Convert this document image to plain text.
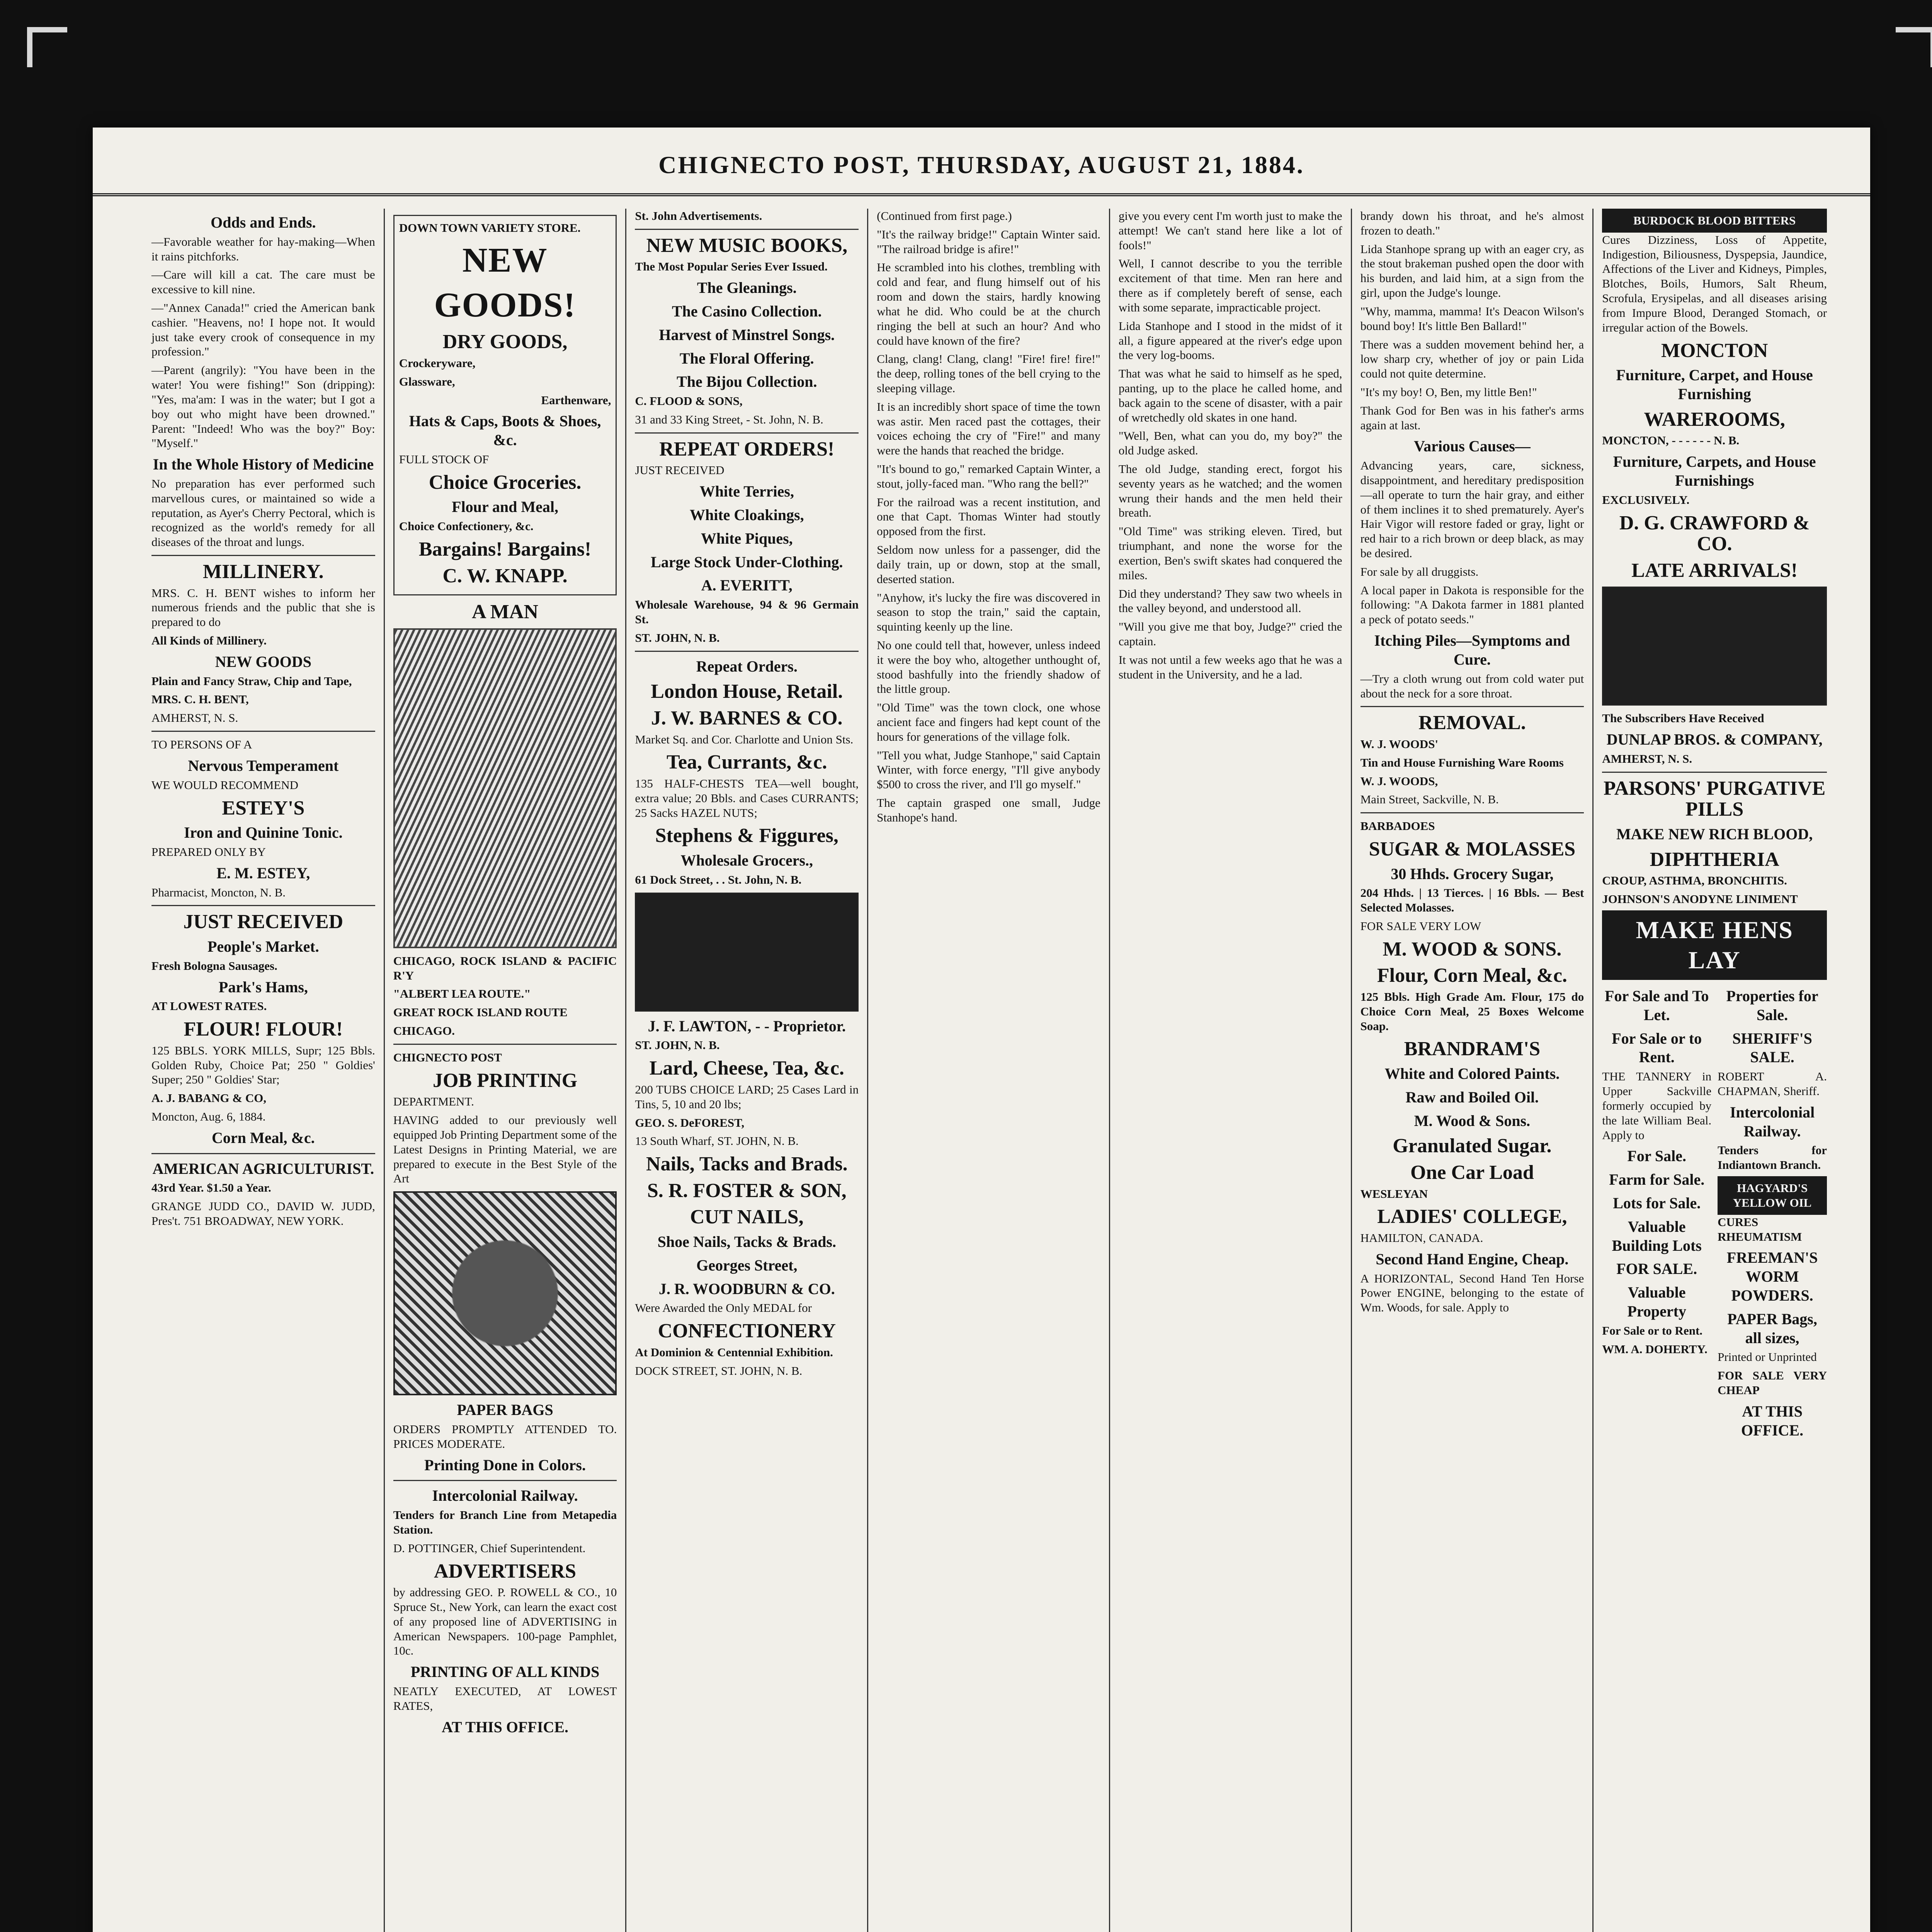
CHIGNECTO POST, THURSDAY, AUGUST 21, 1884.
Odds and Ends.

—Favorable weather for hay-making—When it rains pitchforks.

—Care will kill a cat. The care must be excessive to kill nine.

—"Annex Canada!" cried the American bank cashier. "Heavens, no! I hope not. It would just take every crook of consequence in my profession."

—Parent (angrily): "You have been in the water! You were fishing!" Son (dripping): "Yes, ma'am: I was in the water; but I got a boy out who might have been drowned." Parent: "Indeed! Who was the boy?" Boy: "Myself."

In the Whole History of Medicine

No preparation has ever performed such marvellous cures, or maintained so wide a reputation, as Ayer's Cherry Pectoral, which is recognized as the world's remedy for all diseases of the throat and lungs.

MILLINERY.

MRS. C. H. BENT wishes to inform her numerous friends and the public that she is prepared to do

All Kinds of Millinery.

NEW GOODS

Plain and Fancy Straw, Chip and Tape,

MRS. C. H. BENT,

AMHERST, N. S.

TO PERSONS OF A

Nervous Temperament

WE WOULD RECOMMEND

ESTEY'S
Iron and Quinine Tonic.

PREPARED ONLY BY

E. M. ESTEY,

Pharmacist, Moncton, N. B.

JUST RECEIVED
People's Market.

Fresh Bologna Sausages.

Park's Hams,

AT LOWEST RATES.

FLOUR! FLOUR!

125 BBLS. YORK MILLS, Supr; 125 Bbls. Golden Ruby, Choice Pat; 250 " Goldies' Super; 250 " Goldies' Star;

A. J. BABANG & CO,

Moncton, Aug. 6, 1884.

Corn Meal, &c.
AMERICAN AGRICULTURIST.

43rd Year. $1.50 a Year.

GRANGE JUDD CO., DAVID W. JUDD, Pres't. 751 BROADWAY, NEW YORK.

DOWN TOWN VARIETY STORE.

NEW
GOODS!
DRY GOODS,

Crockeryware,

Glassware,

Earthenware,

Hats & Caps, Boots & Shoes, &c.

FULL STOCK OF

Choice Groceries.
Flour and Meal,

Choice Confectionery, &c.

Bargains! Bargains!
C. W. KNAPP.
A MAN

CHICAGO, ROCK ISLAND & PACIFIC R'Y

"ALBERT LEA ROUTE."

GREAT ROCK ISLAND ROUTE

CHICAGO.

CHIGNECTO POST

JOB PRINTING

DEPARTMENT.

HAVING added to our previously well equipped Job Printing Department some of the Latest Designs in Printing Material, we are prepared to execute in the Best Style of the Art

PAPER BAGS

ORDERS PROMPTLY ATTENDED TO. PRICES MODERATE.

Printing Done in Colors.
Intercolonial Railway.

Tenders for Branch Line from Metapedia Station.

D. POTTINGER, Chief Superintendent.

ADVERTISERS

by addressing GEO. P. ROWELL & CO., 10 Spruce St., New York, can learn the exact cost of any proposed line of ADVERTISING in American Newspapers. 100-page Pamphlet, 10c.

PRINTING OF ALL KINDS

NEATLY EXECUTED, AT LOWEST RATES,

AT THIS OFFICE.

St. John Advertisements.

NEW MUSIC BOOKS,

The Most Popular Series Ever Issued.

The Gleanings.
The Casino Collection.
Harvest of Minstrel Songs.
The Floral Offering.
The Bijou Collection.

C. FLOOD & SONS,

31 and 33 King Street, - St. John, N. B.

REPEAT ORDERS!

JUST RECEIVED

White Terries,
White Cloakings,
White Piques,
Large Stock Under-Clothing.
A. EVERITT,

Wholesale Warehouse, 94 & 96 Germain St.

ST. JOHN, N. B.

Repeat Orders.
London House, Retail.
J. W. BARNES & CO.

Market Sq. and Cor. Charlotte and Union Sts.

Tea, Currants, &c.

135 HALF-CHESTS TEA—well bought, extra value; 20 Bbls. and Cases CURRANTS; 25 Sacks HAZEL NUTS;

Stephens & Figgures,
Wholesale Grocers.,

61 Dock Street, . . St. John, N. B.

J. F. LAWTON, - - Proprietor.

ST. JOHN, N. B.

Lard, Cheese, Tea, &c.

200 TUBS CHOICE LARD; 25 Cases Lard in Tins, 5, 10 and 20 lbs;

GEO. S. DeFOREST,

13 South Wharf, ST. JOHN, N. B.

Nails, Tacks and Brads.
S. R. FOSTER & SON,
CUT NAILS,
Shoe Nails, Tacks & Brads.
Georges Street,
J. R. WOODBURN & CO.

Were Awarded the Only MEDAL for

CONFECTIONERY

At Dominion & Centennial Exhibition.

DOCK STREET, ST. JOHN, N. B.

(Continued from first page.)

"It's the railway bridge!" Captain Winter said. "The railroad bridge is afire!"

He scrambled into his clothes, trembling with cold and fear, and flung himself out of his room and down the stairs, hardly knowing what he did. Who could be at the church ringing the bell at such an hour? And who could have known of the fire?

Clang, clang! Clang, clang! "Fire! fire! fire!" the deep, rolling tones of the bell crying to the sleeping village.

It is an incredibly short space of time the town was astir. Men raced past the cottages, their voices echoing the cry of "Fire!" and many were the hands that reached the bridge.

"It's bound to go," remarked Captain Winter, a stout, jolly-faced man. "Who rang the bell?"

For the railroad was a recent institution, and one that Capt. Thomas Winter had stoutly opposed from the first.

Seldom now unless for a passenger, did the daily train, up or down, stop at the small, deserted station.

"Anyhow, it's lucky the fire was discovered in season to stop the train," said the captain, squinting keenly up the line.

No one could tell that, however, unless indeed it were the boy who, altogether unthought of, stood bashfully into the friendly shadow of the little group.

"Old Time" was the town clock, one whose ancient face and fingers had kept count of the hours for generations of the village folk.

"Tell you what, Judge Stanhope," said Captain Winter, with force energy, "I'll give anybody $500 to cross the river, and I'll go myself."

The captain grasped one small, Judge Stanhope's hand.

give you every cent I'm worth just to make the attempt! We can't stand here like a lot of fools!"

Well, I cannot describe to you the terrible excitement of that time. Men ran here and there as if completely bereft of sense, each with some separate, impracticable project.

Lida Stanhope and I stood in the midst of it all, a figure appeared at the river's edge upon the very log-booms.

That was what he said to himself as he sped, panting, up to the place he called home, and back again to the scene of disaster, with a pair of wretchedly old skates in one hand.

"Well, Ben, what can you do, my boy?" the old Judge asked.

The old Judge, standing erect, forgot his seventy years as he watched; and the women wrung their hands and the men held their breath.

"Old Time" was striking eleven. Tired, but triumphant, and none the worse for the exertion, Ben's swift skates had conquered the miles.

Did they understand? They saw two wheels in the valley beyond, and understood all.

"Will you give me that boy, Judge?" cried the captain.

It was not until a few weeks ago that he was a student in the University, and he a lad.

brandy down his throat, and he's almost frozen to death."

Lida Stanhope sprang up with an eager cry, as the stout brakeman pushed open the door with his burden, and laid him, at a sign from the girl, upon the Judge's lounge.

"Why, mamma, mamma! It's Deacon Wilson's bound boy! It's little Ben Ballard!"

There was a sudden movement behind her, a low sharp cry, whether of joy or pain Lida could not quite determine.

"It's my boy! O, Ben, my little Ben!"

Thank God for Ben was in his father's arms again at last.

Various Causes—

Advancing years, care, sickness, disappointment, and hereditary predisposition—all operate to turn the hair gray, and either of them inclines it to shed prematurely. Ayer's Hair Vigor will restore faded or gray, light or red hair to a rich brown or deep black, as may be desired.

For sale by all druggists.

A local paper in Dakota is responsible for the following: "A Dakota farmer in 1881 planted a peck of potato seeds."

Itching Piles—Symptoms and Cure.

—Try a cloth wrung out from cold water put about the neck for a sore throat.

REMOVAL.

W. J. WOODS'

Tin and House Furnishing Ware Rooms

W. J. WOODS,

Main Street, Sackville, N. B.

BARBADOES

SUGAR & MOLASSES
30 Hhds. Grocery Sugar,

204 Hhds. | 13 Tierces. | 16 Bbls. — Best Selected Molasses.

FOR SALE VERY LOW

M. WOOD & SONS.
Flour, Corn Meal, &c.

125 Bbls. High Grade Am. Flour, 175 do Choice Corn Meal, 25 Boxes Welcome Soap.

BRANDRAM'S
White and Colored Paints.
Raw and Boiled Oil.
M. Wood & Sons.
Granulated Sugar.
One Car Load

WESLEYAN

LADIES' COLLEGE,

HAMILTON, CANADA.

Second Hand Engine, Cheap.

A HORIZONTAL, Second Hand Ten Horse Power ENGINE, belonging to the estate of Wm. Woods, for sale. Apply to

BURDOCK BLOOD BITTERS

Cures Dizziness, Loss of Appetite, Indigestion, Biliousness, Dyspepsia, Jaundice, Affections of the Liver and Kidneys, Pimples, Blotches, Boils, Humors, Salt Rheum, Scrofula, Erysipelas, and all diseases arising from Impure Blood, Deranged Stomach, or irregular action of the Bowels.

MONCTON
Furniture, Carpet, and House Furnishing
WAREROOMS,

MONCTON, - - - - - - N. B.

Furniture, Carpets, and House Furnishings

EXCLUSIVELY.

D. G. CRAWFORD & CO.
LATE ARRIVALS!

The Subscribers Have Received

DUNLAP BROS. & COMPANY,

AMHERST, N. S.

PARSONS' PURGATIVE PILLS
MAKE NEW RICH BLOOD,
DIPHTHERIA

CROUP, ASTHMA, BRONCHITIS.

JOHNSON'S ANODYNE LINIMENT

MAKE HENS LAY
For Sale and To Let.
For Sale or to Rent.

THE TANNERY in Upper Sackville formerly occupied by the late William Beal. Apply to

For Sale.
Farm for Sale.
Lots for Sale.
Valuable Building Lots
FOR SALE.
Valuable Property

For Sale or to Rent.

WM. A. DOHERTY.

Properties for Sale.
SHERIFF'S SALE.

ROBERT A. CHAPMAN, Sheriff.

Intercolonial Railway.

Tenders for Indiantown Branch.

HAGYARD'S YELLOW OIL

CURES RHEUMATISM

FREEMAN'S WORM POWDERS.
PAPER Bags, all sizes,

Printed or Unprinted

FOR SALE VERY CHEAP

AT THIS OFFICE.
